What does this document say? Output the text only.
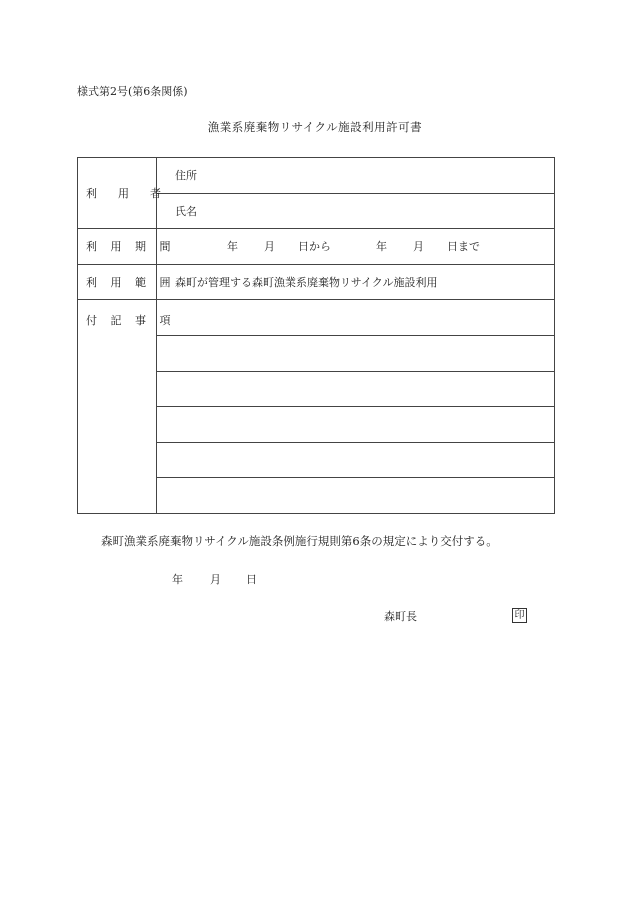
様式第2号(第6条関係)
漁業系廃棄物リサイクル施設利用許可書
利　用　者	住所
	氏名
利 用 期 間	年 月 日から 年 月 日まで
利 用 範 囲	森町が管理する森町漁業系廃棄物リサイクル施設利用
付 記 事 項	

森町漁業系廃棄物リサイクル施設条例施行規則第6条の規定により交付する。
年 月 日
森町長	印
